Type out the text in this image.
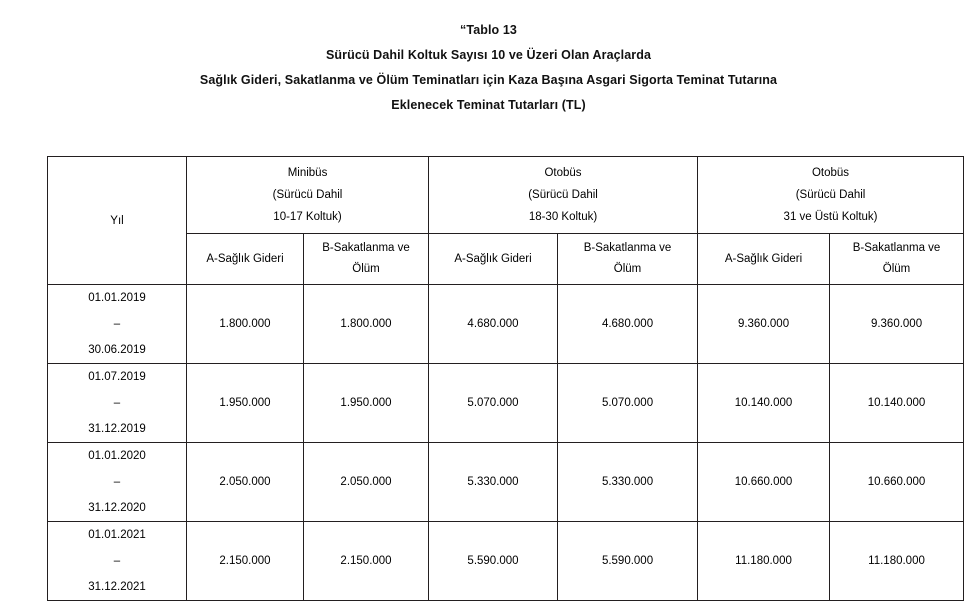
“Tablo 13
Sürücü Dahil Koltuk Sayısı 10 ve Üzeri Olan Araçlarda
Sağlık Gideri, Sakatlanma ve Ölüm Teminatları için Kaza Başına Asgari Sigorta Teminat Tutarına
Eklenecek Teminat Tutarları (TL)
Yıl	Minibüs
(Sürücü Dahil
10-17 Koltuk)		Otobüs
(Sürücü Dahil
18-30 Koltuk)		Otobüs
(Sürücü Dahil
31 ve Üstü Koltuk)	

	A-Sağlık Gideri	B-Sakatlanma ve
Ölüm	A-Sağlık Gideri	B-Sakatlanma ve
Ölüm	A-Sağlık Gideri	B-Sakatlanma ve
Ölüm

01.01.2019
–
30.06.2019	1.800.000	1.800.000	4.680.000	4.680.000	9.360.000	9.360.000

01.07.2019
–
31.12.2019	1.950.000	1.950.000	5.070.000	5.070.000	10.140.000	10.140.000

01.01.2020
–
31.12.2020	2.050.000	2.050.000	5.330.000	5.330.000	10.660.000	10.660.000

01.01.2021
–
31.12.2021	2.150.000	2.150.000	5.590.000	5.590.000	11.180.000	11.180.000
